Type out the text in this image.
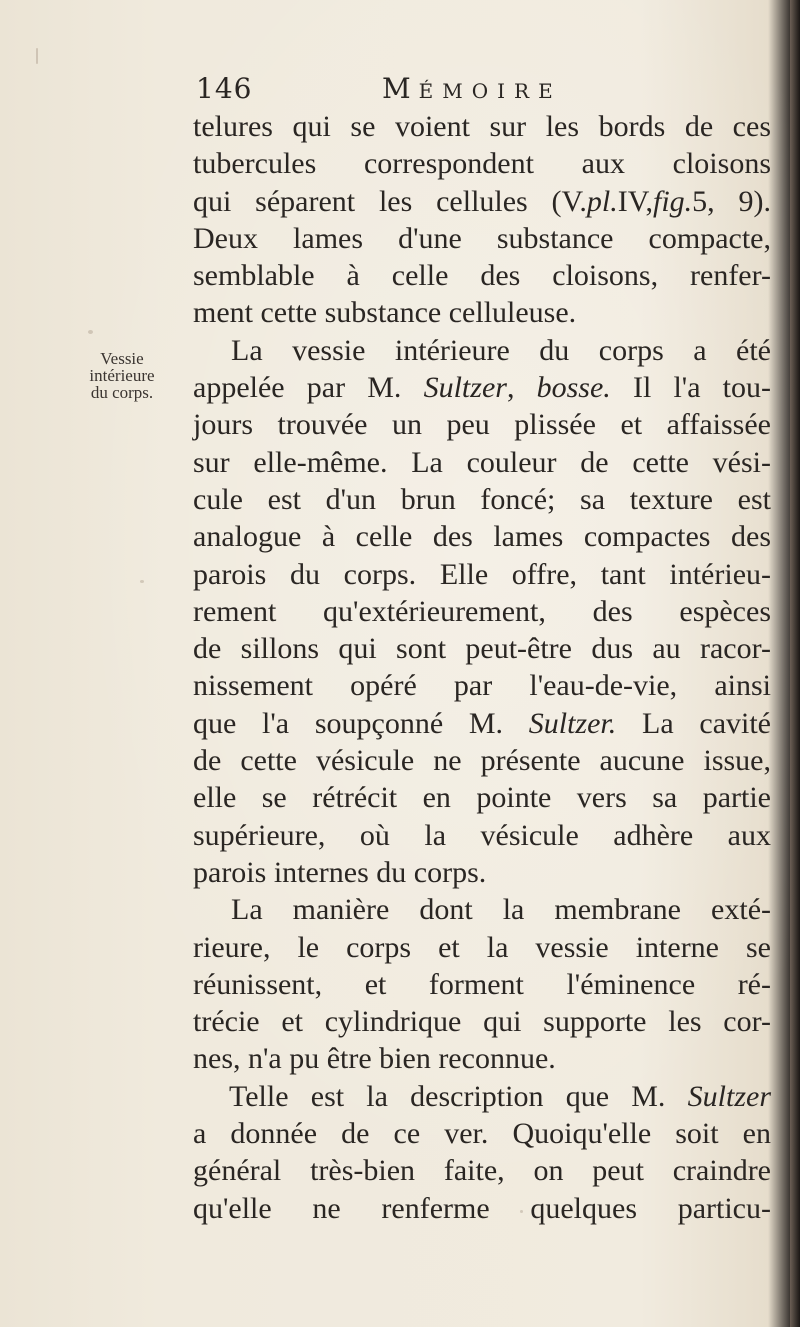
146	MÉMOIRE
Vessie
intérieure
du corps.
telures qui se voient sur les bords de ces
tubercules correspondent aux cloisons
qui séparent les cellules (V.pl.IV,fig.5, 9).
Deux lames d'une substance compacte,
semblable à celle des cloisons, renfer-
ment cette substance celluleuse.
La vessie intérieure du corps a été
appelée par M. Sultzer, bosse. Il l'a tou-
jours trouvée un peu plissée et affaissée
sur elle-même. La couleur de cette vési-
cule est d'un brun foncé; sa texture est
analogue à celle des lames compactes des
parois du corps. Elle offre, tant intérieu-
rement qu'extérieurement, des espèces
de sillons qui sont peut-être dus au racor-
nissement opéré par l'eau-de-vie, ainsi
que l'a soupçonné M. Sultzer. La cavité
de cette vésicule ne présente aucune issue,
elle se rétrécit en pointe vers sa partie
supérieure, où la vésicule adhère aux
parois internes du corps.
La manière dont la membrane exté-
rieure, le corps et la vessie interne se
réunissent, et forment l'éminence ré-
trécie et cylindrique qui supporte les cor-
nes, n'a pu être bien reconnue.
Telle est la description que M. Sultzer
a donnée de ce ver. Quoiqu'elle soit en
général très-bien faite, on peut craindre
qu'elle ne renferme quelques particu-
